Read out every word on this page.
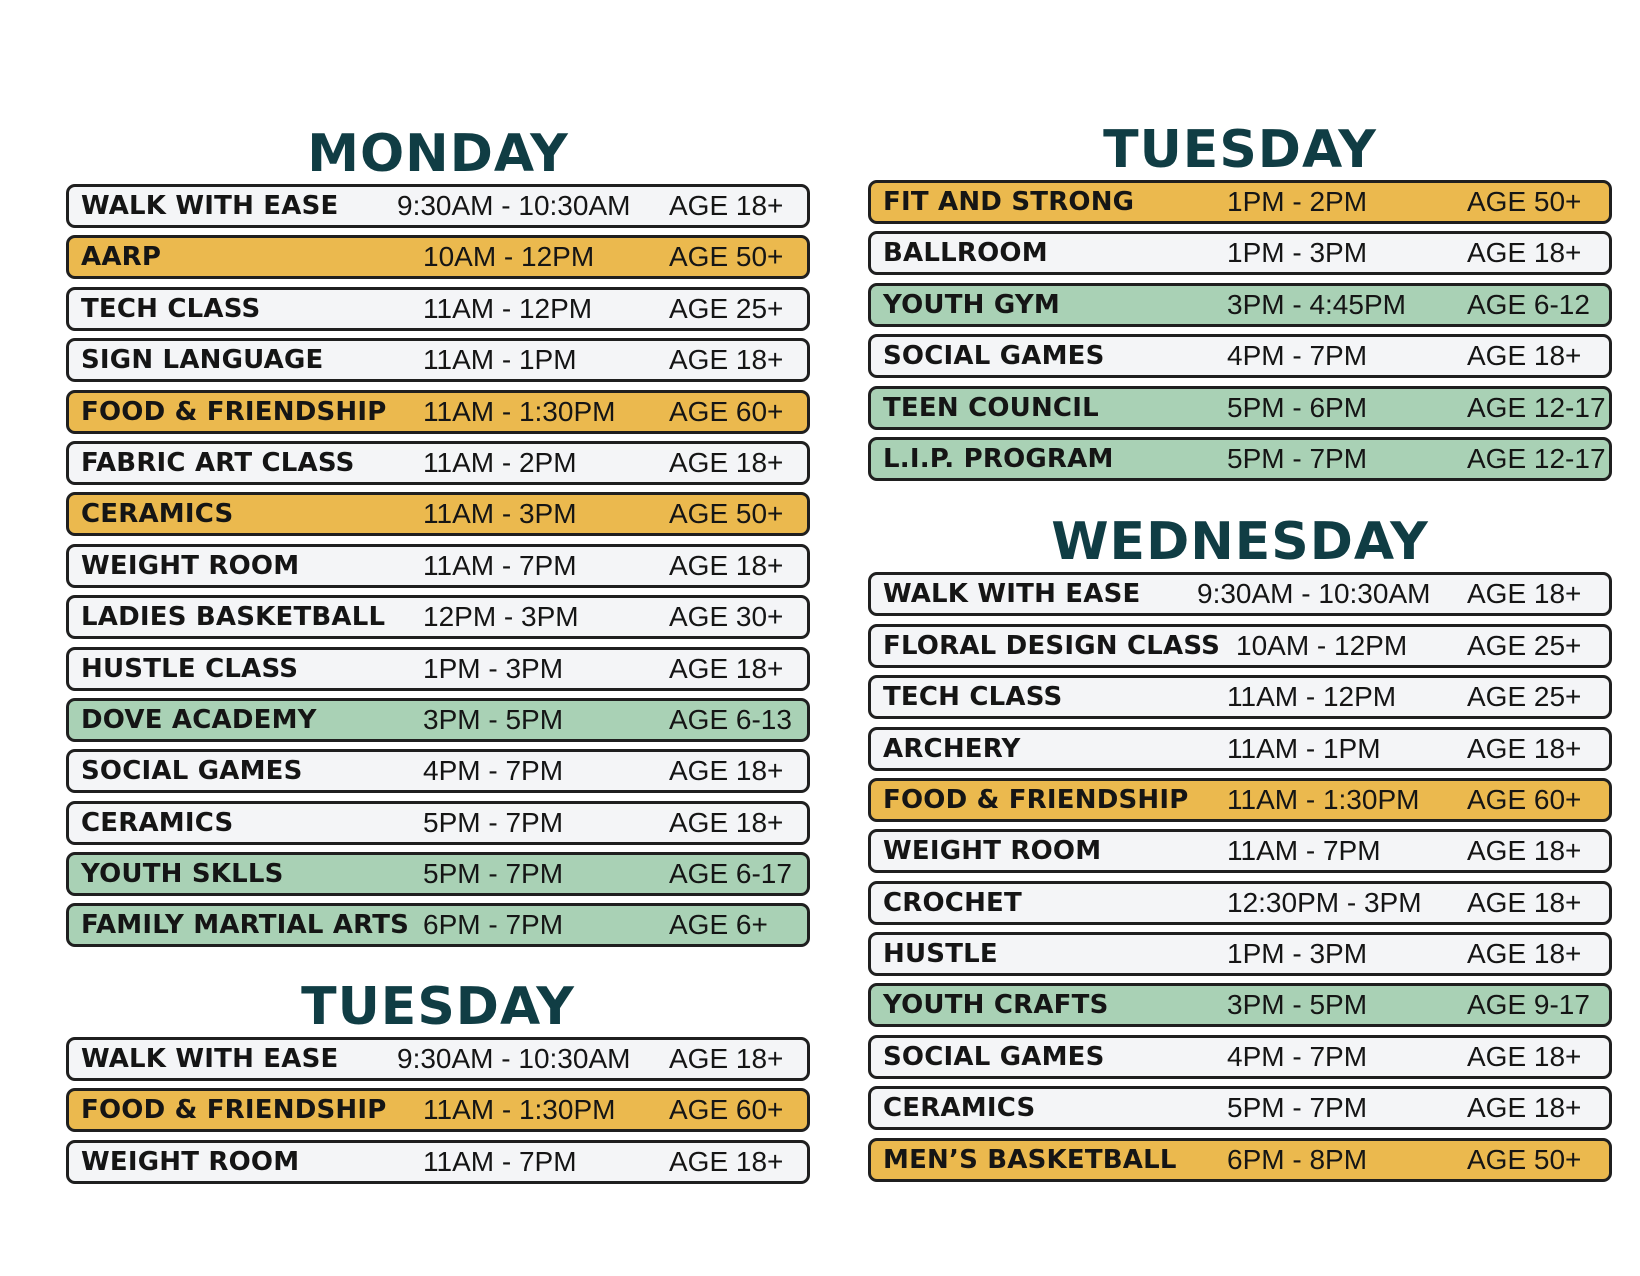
MONDAY
WALK WITH EASE 9:30AM - 10:30AM AGE 18+
AARP	10AM - 12PM	AGE 50+
TECH CLASS	11AM - 12PM	AGE 25+
SIGN LANGUAGE	11AM - 1PM	AGE 18+
FOOD & FRIENDSHIP 11AM - 1:30PM AGE 60+
FABRIC ART CLASS 11AM - 2PM	AGE 18+
CERAMICS	11AM - 3PM	AGE 50+
WEIGHT ROOM	11AM - 7PM	AGE 18+
LADIES BASKETBALL 12PM - 3PM	AGE 30+
HUSTLE CLASS	1PM - 3PM	AGE 18+
DOVE ACADEMY	3PM - 5PM	AGE 6-13
SOCIAL GAMES	4PM - 7PM	AGE 18+
CERAMICS	5PM - 7PM	AGE 18+
YOUTH SKLLS	5PM - 7PM	AGE 6-17
FAMILY MARTIAL ARTS 6PM - 7PM	AGE 6+
TUESDAY
WALK WITH EASE 9:30AM - 10:30AM AGE 18+
FOOD & FRIENDSHIP 11AM - 1:30PM AGE 60+
WEIGHT ROOM	11AM - 7PM	AGE 18+
TUESDAY
FIT AND STRONG	1PM - 2PM	AGE 50+
BALLROOM	1PM - 3PM	AGE 18+
YOUTH GYM	3PM - 4:45PM AGE 6-12
SOCIAL GAMES	4PM - 7PM	AGE 18+
TEEN COUNCIL	5PM - 6PM	AGE 12-17
L.I.P. PROGRAM	5PM - 7PM	AGE 12-17
WEDNESDAY
WALK WITH EASE 9:30AM - 10:30AM AGE 18+
FLORAL DESIGN CLASS 10AM - 12PM AGE 25+
TECH CLASS	11AM - 12PM	AGE 25+
ARCHERY	11AM - 1PM	AGE 18+
FOOD & FRIENDSHIP 11AM - 1:30PM AGE 60+
WEIGHT ROOM	11AM - 7PM	AGE 18+
CROCHET	12:30PM - 3PM AGE 18+
HUSTLE	1PM - 3PM	AGE 18+
YOUTH CRAFTS	3PM - 5PM	AGE 9-17
SOCIAL GAMES	4PM - 7PM	AGE 18+
CERAMICS	5PM - 7PM	AGE 18+
MEN’S BASKETBALL 6PM - 8PM	AGE 50+
